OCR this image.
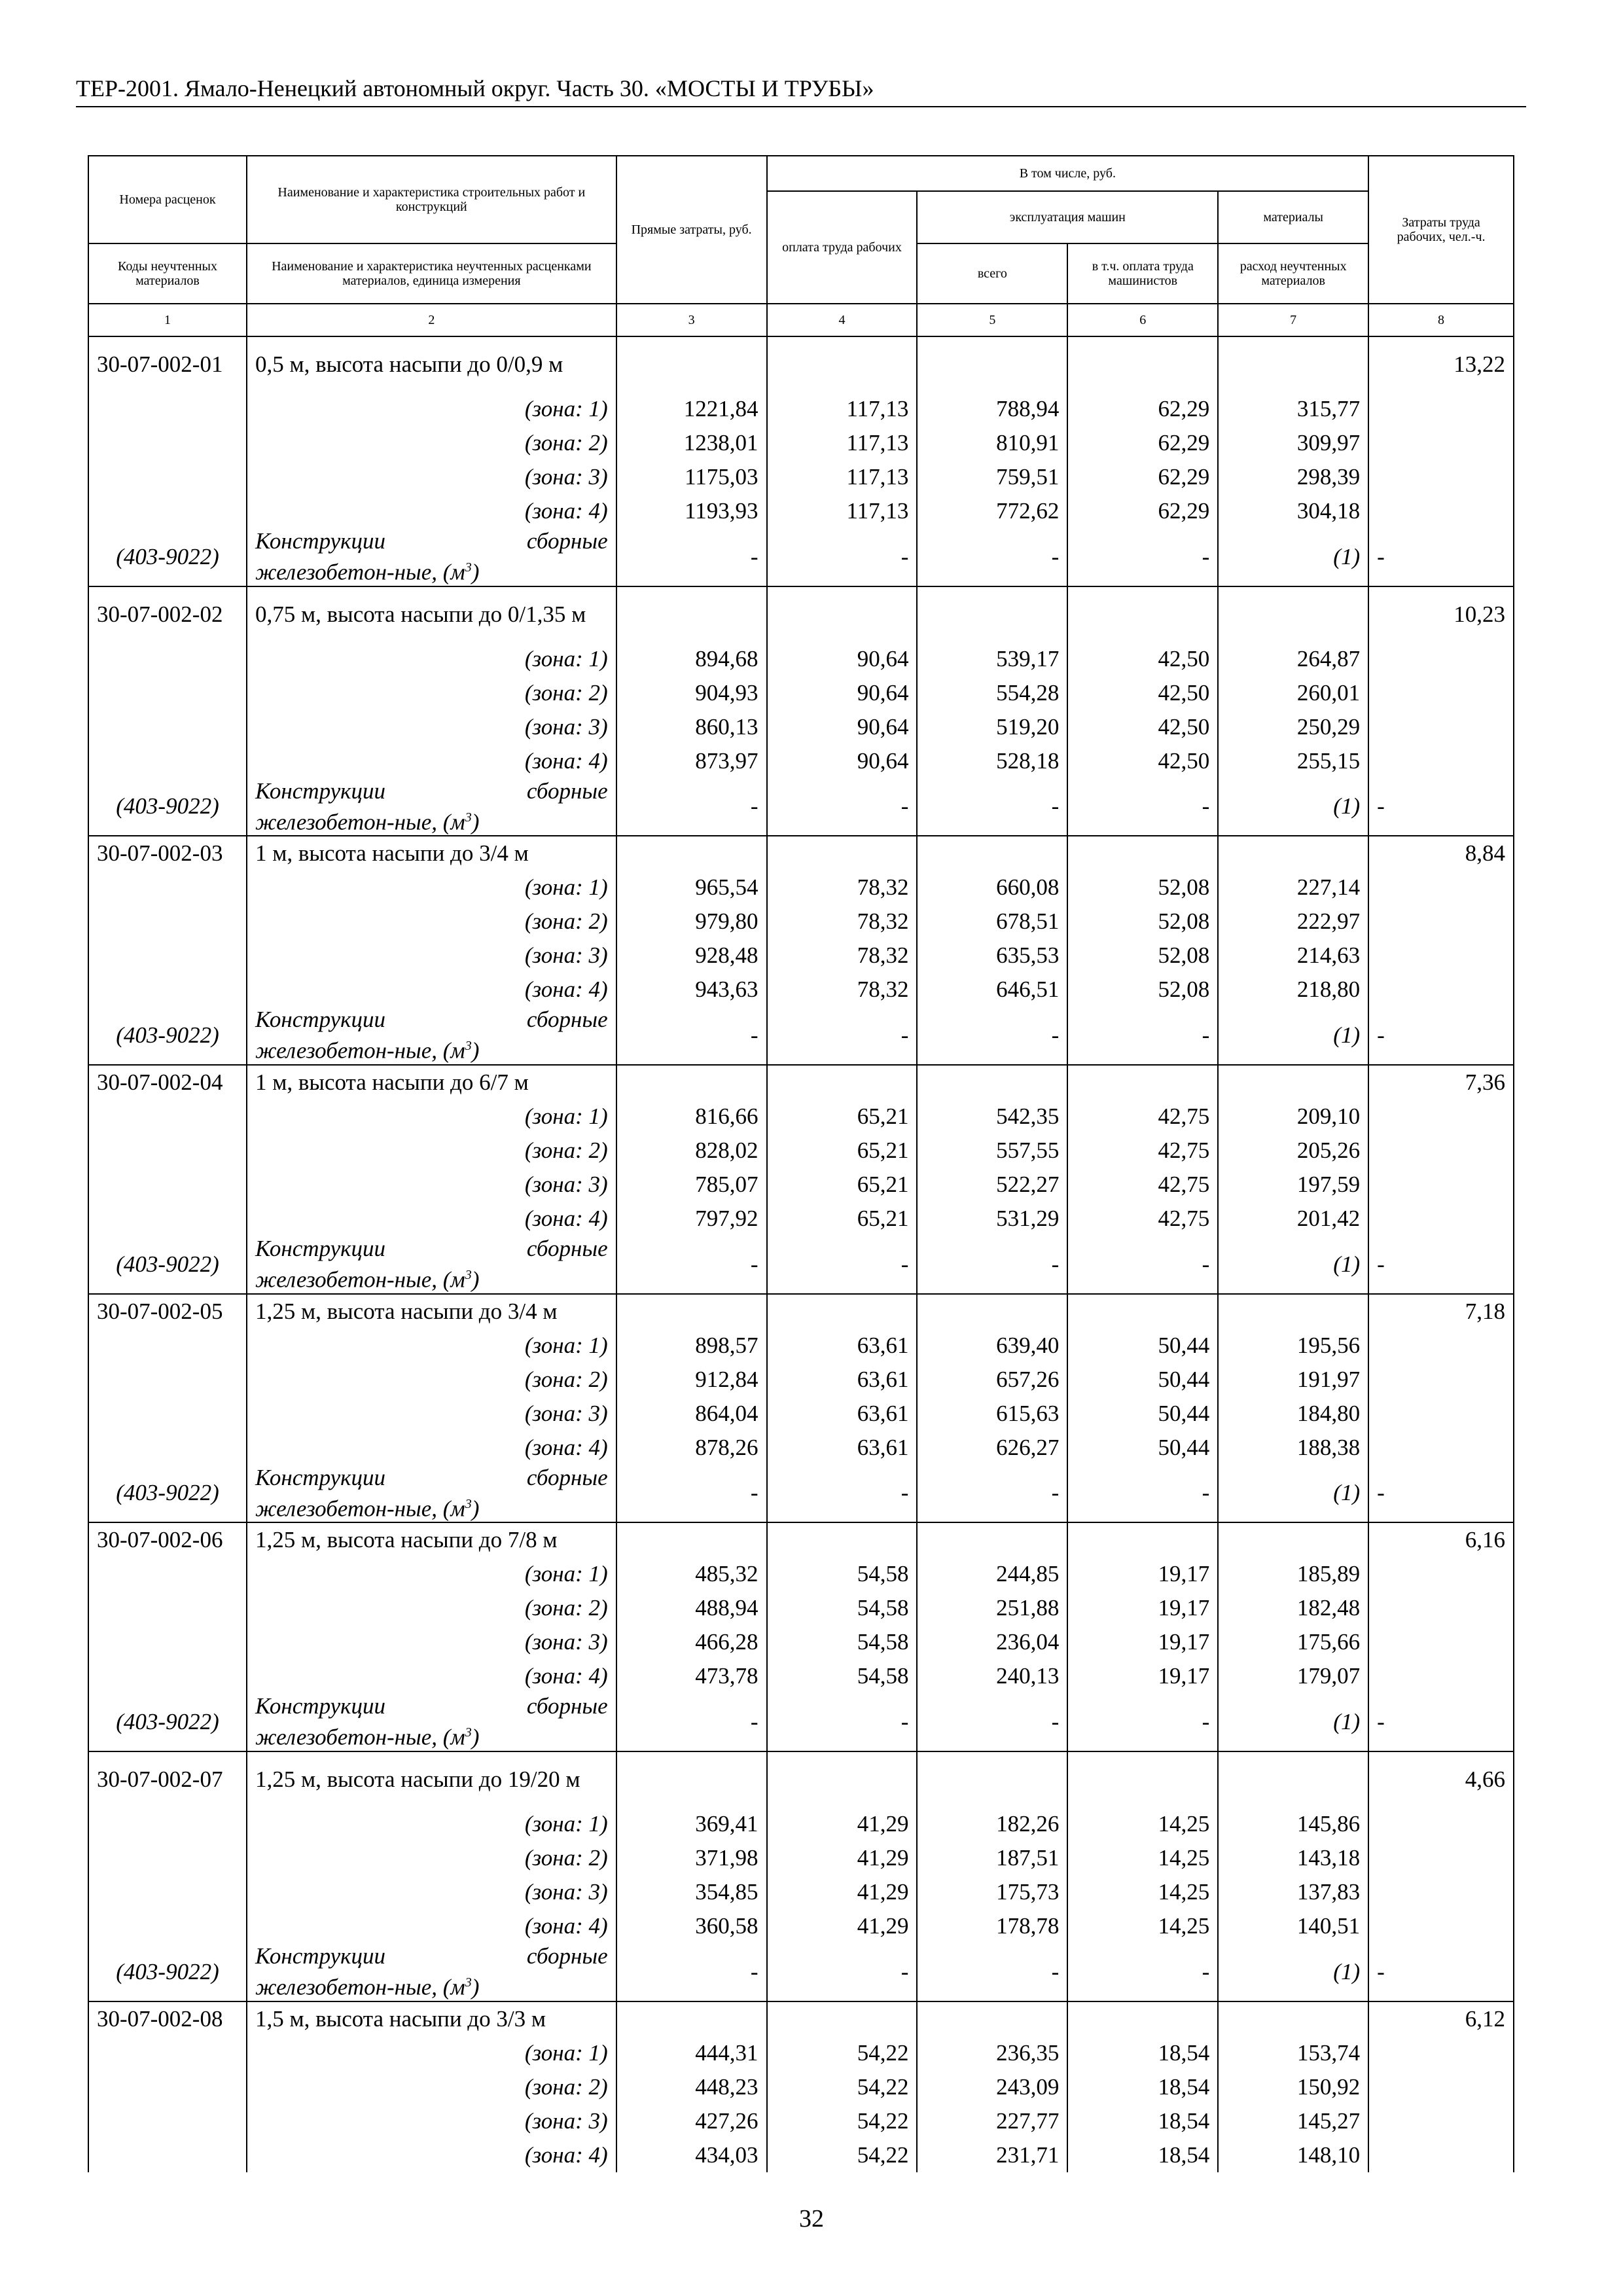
ТЕР-2001. Ямало-Ненецкий автономный округ. Часть 30. «МОСТЫ И ТРУБЫ»
Номера расценок	Наименование и характеристика строительных работ и конструкций	Прямые затраты, руб.	В том числе, руб.				Затраты труда рабочих, чел.-ч.
			оплата труда рабочих	эксплуатация машин		материалы	
Коды неучтенных материалов	Наименование и характеристика неучтенных расценками материалов, единица измерения			всего	в т.ч. оплата труда машинистов	расход неучтенных материалов	
1	2	3	4	5	6	7	8
30-07-002-01	0,5 м, высота насыпи до 0/0,9 м						13,22
	(зона: 1)	1221,84	117,13	788,94	62,29	315,77	
	(зона: 2)	1238,01	117,13	810,91	62,29	309,97	
	(зона: 3)	1175,03	117,13	759,51	62,29	298,39	
	(зона: 4)	1193,93	117,13	772,62	62,29	304,18	
(403-9022)	Конструкции сборные железобетон-ные, $(м^3)$	-	-	-	-	(1)	-
30-07-002-02	0,75 м, высота насыпи до 0/1,35 м						10,23
	(зона: 1)	894,68	90,64	539,17	42,50	264,87	
	(зона: 2)	904,93	90,64	554,28	42,50	260,01	
	(зона: 3)	860,13	90,64	519,20	42,50	250,29	
	(зона: 4)	873,97	90,64	528,18	42,50	255,15	
(403-9022)	Конструкции сборные железобетон-ные, $(м^3)$	-	-	-	-	(1)	-
30-07-002-03	1 м, высота насыпи до 3/4 м						8,84
	(зона: 1)	965,54	78,32	660,08	52,08	227,14	
	(зона: 2)	979,80	78,32	678,51	52,08	222,97	
	(зона: 3)	928,48	78,32	635,53	52,08	214,63	
	(зона: 4)	943,63	78,32	646,51	52,08	218,80	
(403-9022)	Конструкции сборные железобетон-ные, $(м^3)$	-	-	-	-	(1)	-
30-07-002-04	1 м, высота насыпи до 6/7 м						7,36
	(зона: 1)	816,66	65,21	542,35	42,75	209,10	
	(зона: 2)	828,02	65,21	557,55	42,75	205,26	
	(зона: 3)	785,07	65,21	522,27	42,75	197,59	
	(зона: 4)	797,92	65,21	531,29	42,75	201,42	
(403-9022)	Конструкции сборные железобетон-ные, $(м^3)$	-	-	-	-	(1)	-
30-07-002-05	1,25 м, высота насыпи до 3/4 м						7,18
	(зона: 1)	898,57	63,61	639,40	50,44	195,56	
	(зона: 2)	912,84	63,61	657,26	50,44	191,97	
	(зона: 3)	864,04	63,61	615,63	50,44	184,80	
	(зона: 4)	878,26	63,61	626,27	50,44	188,38	
(403-9022)	Конструкции сборные железобетон-ные, $(м^3)$	-	-	-	-	(1)	-
30-07-002-06	1,25 м, высота насыпи до 7/8 м						6,16
	(зона: 1)	485,32	54,58	244,85	19,17	185,89	
	(зона: 2)	488,94	54,58	251,88	19,17	182,48	
	(зона: 3)	466,28	54,58	236,04	19,17	175,66	
	(зона: 4)	473,78	54,58	240,13	19,17	179,07	
(403-9022)	Конструкции сборные железобетон-ные, $(м^3)$	-	-	-	-	(1)	-
30-07-002-07	1,25 м, высота насыпи до 19/20 м						4,66
	(зона: 1)	369,41	41,29	182,26	14,25	145,86	
	(зона: 2)	371,98	41,29	187,51	14,25	143,18	
	(зона: 3)	354,85	41,29	175,73	14,25	137,83	
	(зона: 4)	360,58	41,29	178,78	14,25	140,51	
(403-9022)	Конструкции сборные железобетон-ные, $(м^3)$	-	-	-	-	(1)	-
30-07-002-08	1,5 м, высота насыпи до 3/3 м						6,12
	(зона: 1)	444,31	54,22	236,35	18,54	153,74	
	(зона: 2)	448,23	54,22	243,09	18,54	150,92	
	(зона: 3)	427,26	54,22	227,77	18,54	145,27	
	(зона: 4)	434,03	54,22	231,71	18,54	148,10	
32
